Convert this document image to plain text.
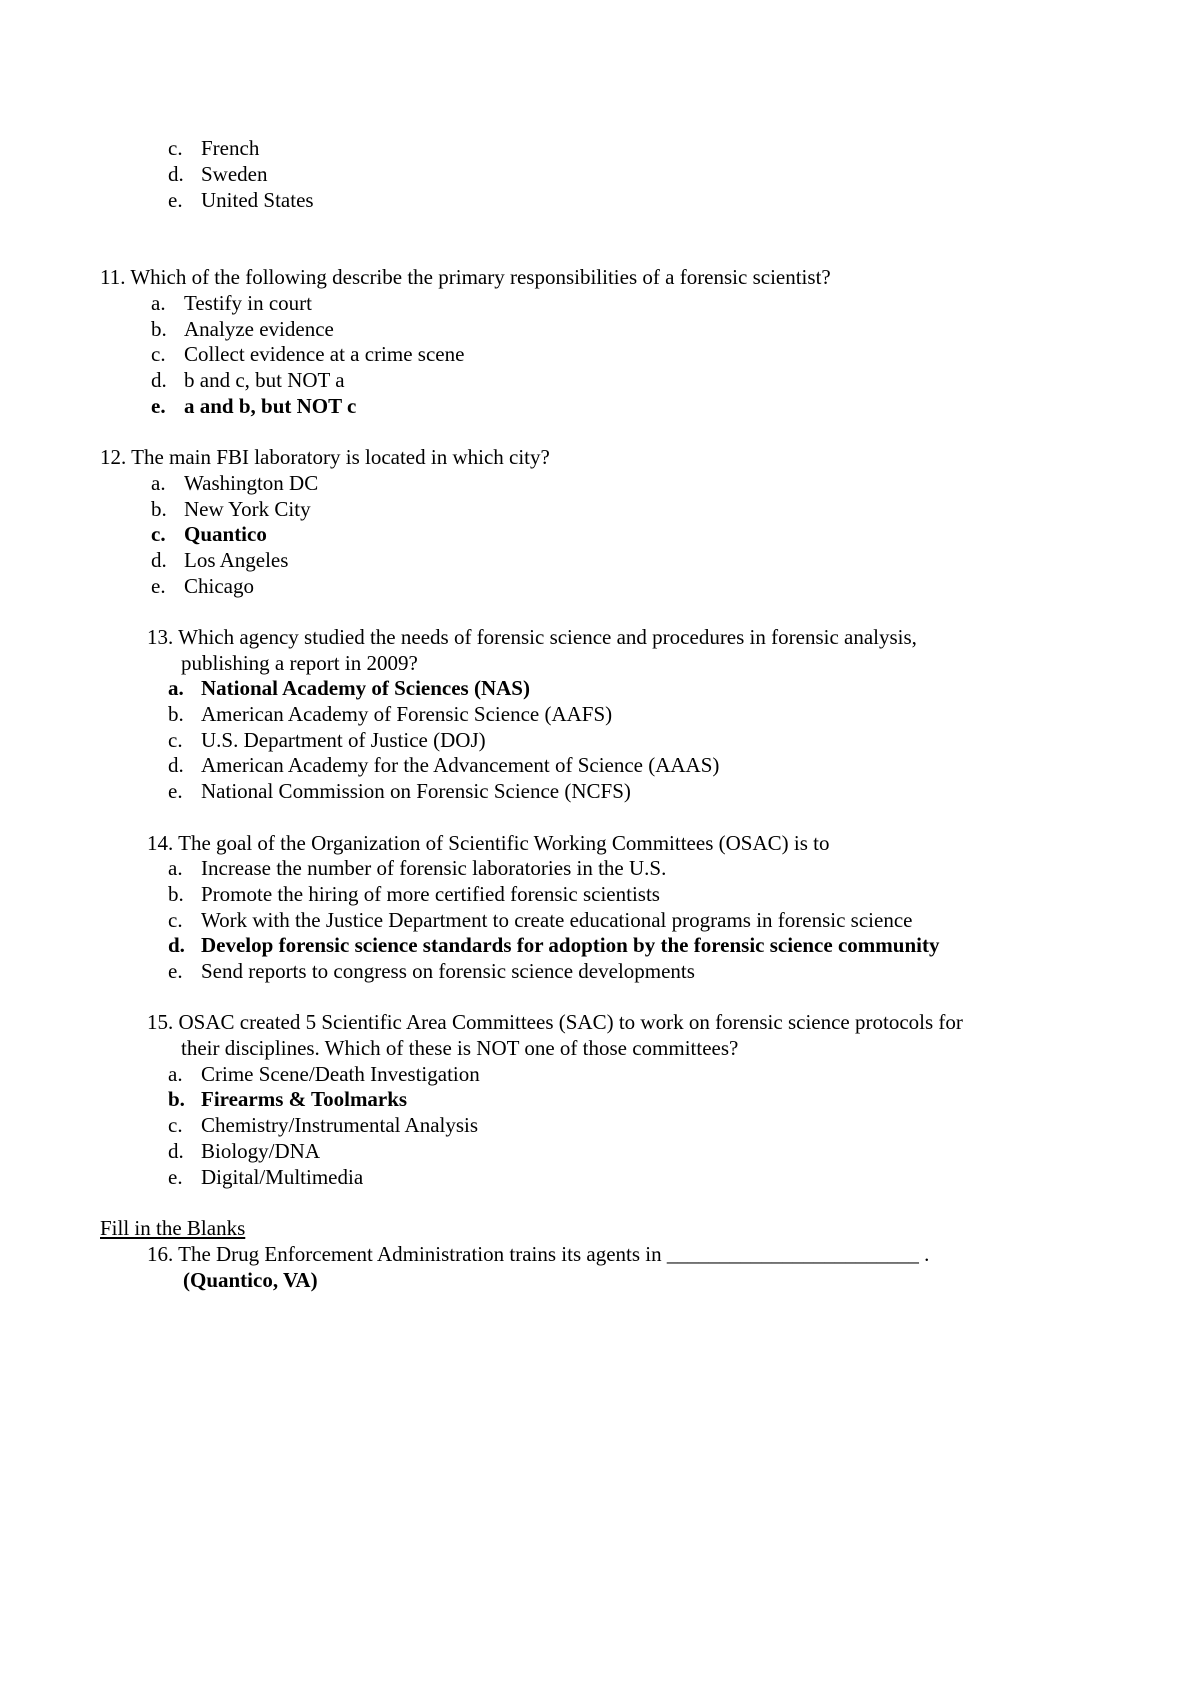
c. French
d. Sweden
e. United States
11. Which of the following describe the primary responsibilities of a forensic scientist?
a. Testify in court
b. Analyze evidence
c. Collect evidence at a crime scene
d. b and c, but NOT a
e. a and b, but NOT c
12. The main FBI laboratory is located in which city?
a. Washington DC
b. New York City
c. Quantico
d. Los Angeles
e. Chicago
13. Which agency studied the needs of forensic science and procedures in forensic analysis,
publishing a report in 2009?
a. National Academy of Sciences (NAS)
b. American Academy of Forensic Science (AAFS)
c. U.S. Department of Justice (DOJ)
d. American Academy for the Advancement of Science (AAAS)
e. National Commission on Forensic Science (NCFS)
14. The goal of the Organization of Scientific Working Committees (OSAC) is to
a. Increase the number of forensic laboratories in the U.S.
b. Promote the hiring of more certified forensic scientists
c. Work with the Justice Department to create educational programs in forensic science
d. Develop forensic science standards for adoption by the forensic science community
e. Send reports to congress on forensic science developments
15. OSAC created 5 Scientific Area Committees (SAC) to work on forensic science protocols for
their disciplines. Which of these is NOT one of those committees?
a. Crime Scene/Death Investigation
b. Firearms & Toolmarks
c. Chemistry/Instrumental Analysis
d. Biology/DNA
e. Digital/Multimedia
Fill in the Blanks
16. The Drug Enforcement Administration trains its agents in ________________________ .
(Quantico, VA)
